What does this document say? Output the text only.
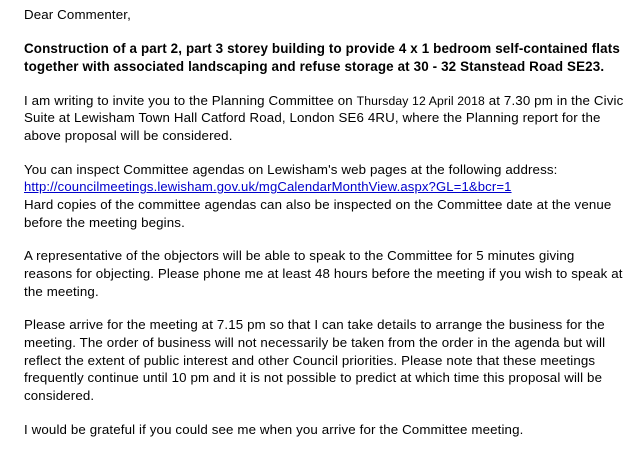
Dear Commenter,

Construction of a part 2, part 3 storey building to provide 4 x 1 bedroom self-contained flats together with associated landscaping and refuse storage at 30 - 32 Stanstead Road SE23.

I am writing to invite you to the Planning Committee on Thursday 12 April 2018 at 7.30 pm in the Civic Suite at Lewisham Town Hall Catford Road, London SE6 4RU, where the Planning report for the above proposal will be considered.

You can inspect Committee agendas on Lewisham's web pages at the following address:
http://councilmeetings.lewisham.gov.uk/mgCalendarMonthView.aspx?GL=1&bcr=1
Hard copies of the committee agendas can also be inspected on the Committee date at the venue before the meeting begins.

A representative of the objectors will be able to speak to the Committee for 5 minutes giving reasons for objecting. Please phone me at least 48 hours before the meeting if you wish to speak at the meeting.

Please arrive for the meeting at 7.15 pm so that I can take details to arrange the business for the meeting. The order of business will not necessarily be taken from the order in the agenda but will reflect the extent of public interest and other Council priorities. Please note that these meetings frequently continue until 10 pm and it is not possible to predict at which time this proposal will be considered.

I would be grateful if you could see me when you arrive for the Committee meeting.
